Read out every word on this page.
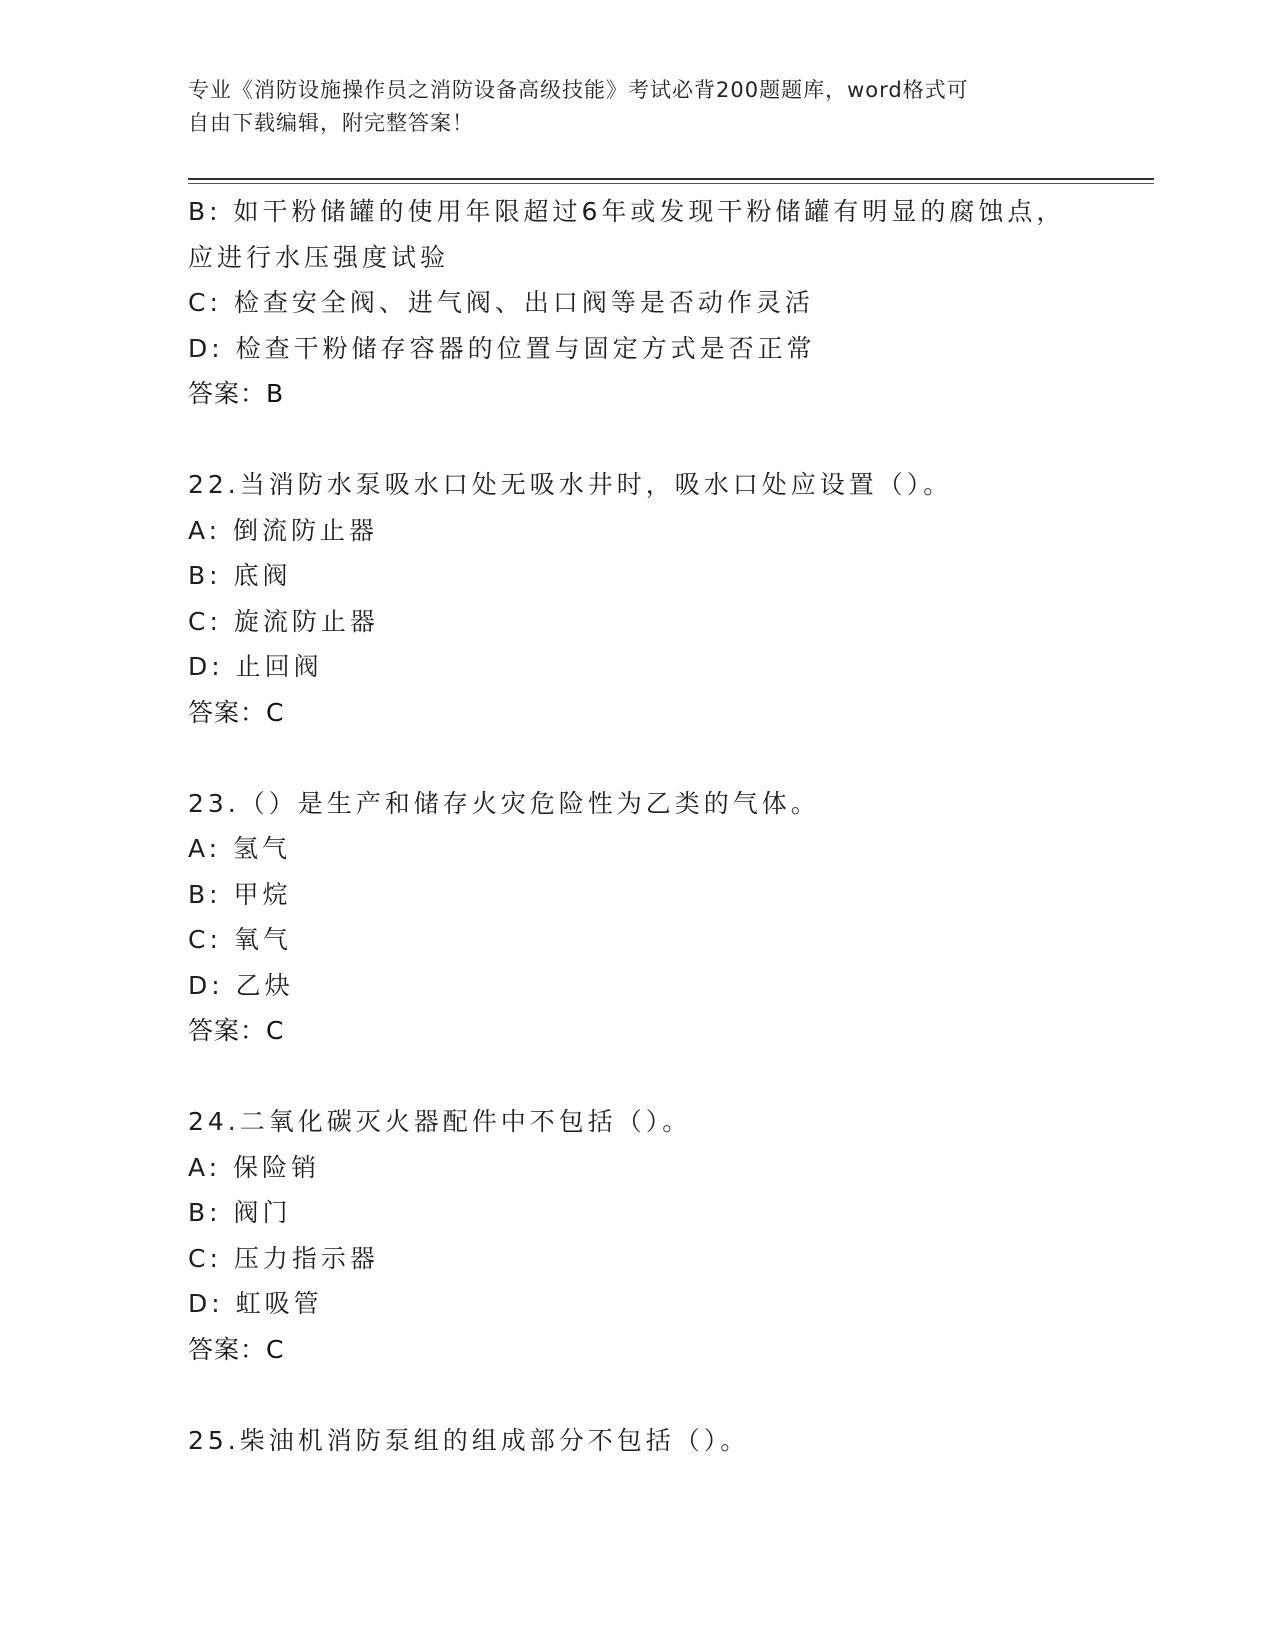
专业《消防设施操作员之消防设备高级技能》考试必背200题题库，word格式可
自由下载编辑，附完整答案！
B: 如干粉储罐的使用年限超过6年或发现干粉储罐有明显的腐蚀点，
应进行水压强度试验
C: 检查安全阀、进气阀、出口阀等是否动作灵活
D: 检查干粉储存容器的位置与固定方式是否正常
答案：B
22.当消防水泵吸水口处无吸水井时，吸水口处应设置（）。
A: 倒流防止器
B: 底阀
C: 旋流防止器
D: 止回阀
答案：C
23.（）是生产和储存火灾危险性为乙类的气体。
A: 氢气
B: 甲烷
C: 氧气
D: 乙炔
答案：C
24.二氧化碳灭火器配件中不包括（）。
A: 保险销
B: 阀门
C: 压力指示器
D: 虹吸管
答案：C
25.柴油机消防泵组的组成部分不包括（）。
